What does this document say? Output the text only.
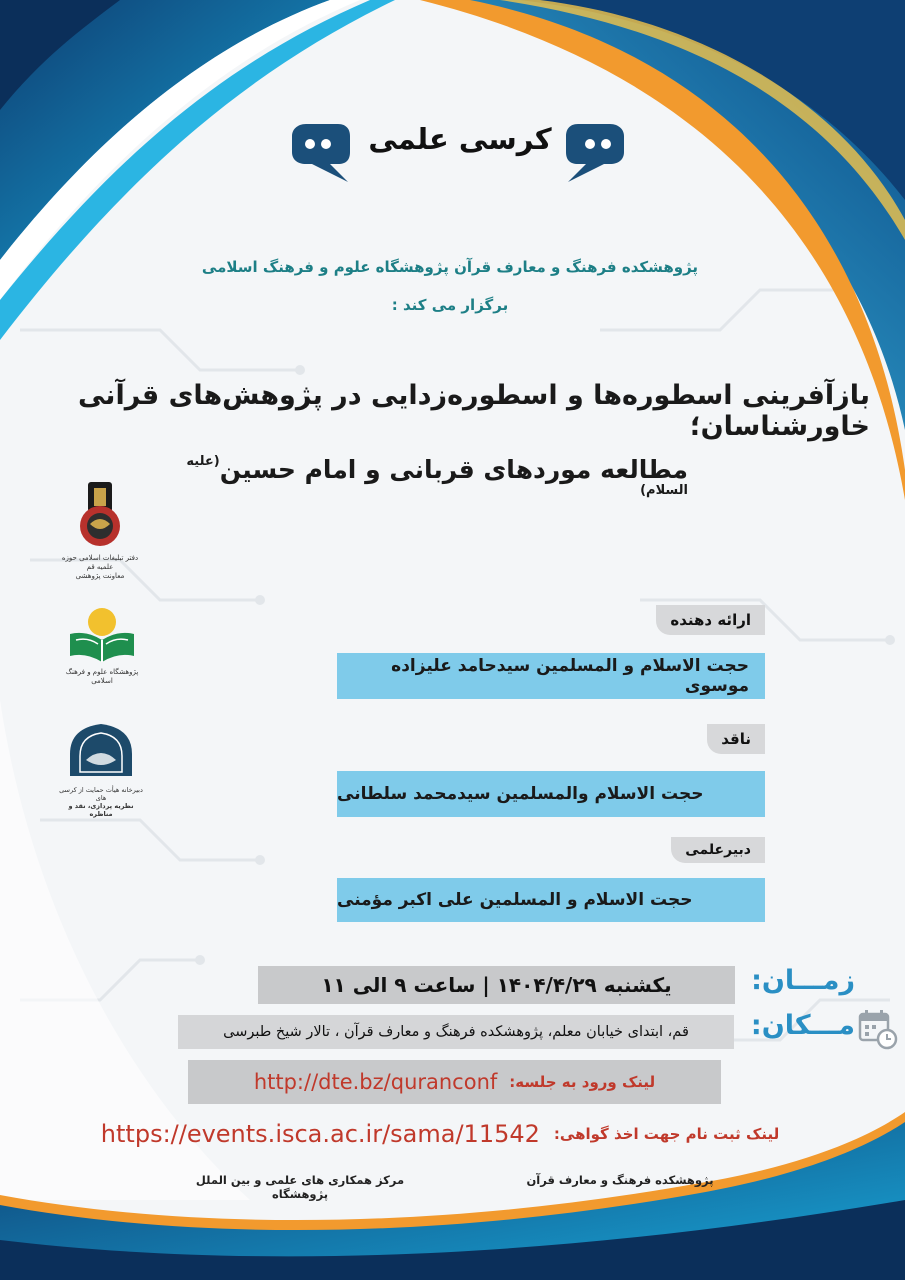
کرسی علمی
پژوهشکده فرهنگ و معارف قرآن پژوهشگاه علوم و فرهنگ اسلامی
برگزار می کند :
بازآفرینی اسطوره‌ها و اسطوره‌زدایی در پژوهش‌های قرآنی خاورشناسان؛
مطالعه موردهای قربانی و امام حسین$^{(علیه السلام)}$
دفتر تبلیغات اسلامی حوزه علمیه قم
معاونت پژوهشی
پژوهشگاه علوم و فرهنگ اسلامی
دبیرخانه هیأت حمایت از کرسی های
نظریه پردازی، نقد و مناظره
ارائه دهنده
حجت الاسلام و المسلمین سیدحامد علیزاده موسوی
ناقد
حجت الاسلام والمسلمین سیدمحمد سلطانی
دبیرعلمی
حجت الاسلام و المسلمین علی اکبر مؤمنی
یکشنبه ۱۴۰۴/۴/۲۹ | ساعت ۹ الی ۱۱	زمـــان:
قم، ابتدای خیابان معلم، پژوهشکده فرهنگ و معارف قرآن ، تالار شیخ طبرسی	مـــکان:
http://dte.bz/quranconf لینک ورود به جلسه:
https://events.isca.ac.ir/sama/11542 لینک ثبت نام جهت اخذ گواهی:
پژوهشکده فرهنگ و معارف قرآن
مرکز همکاری های علمی و بین الملل پژوهشگاه
